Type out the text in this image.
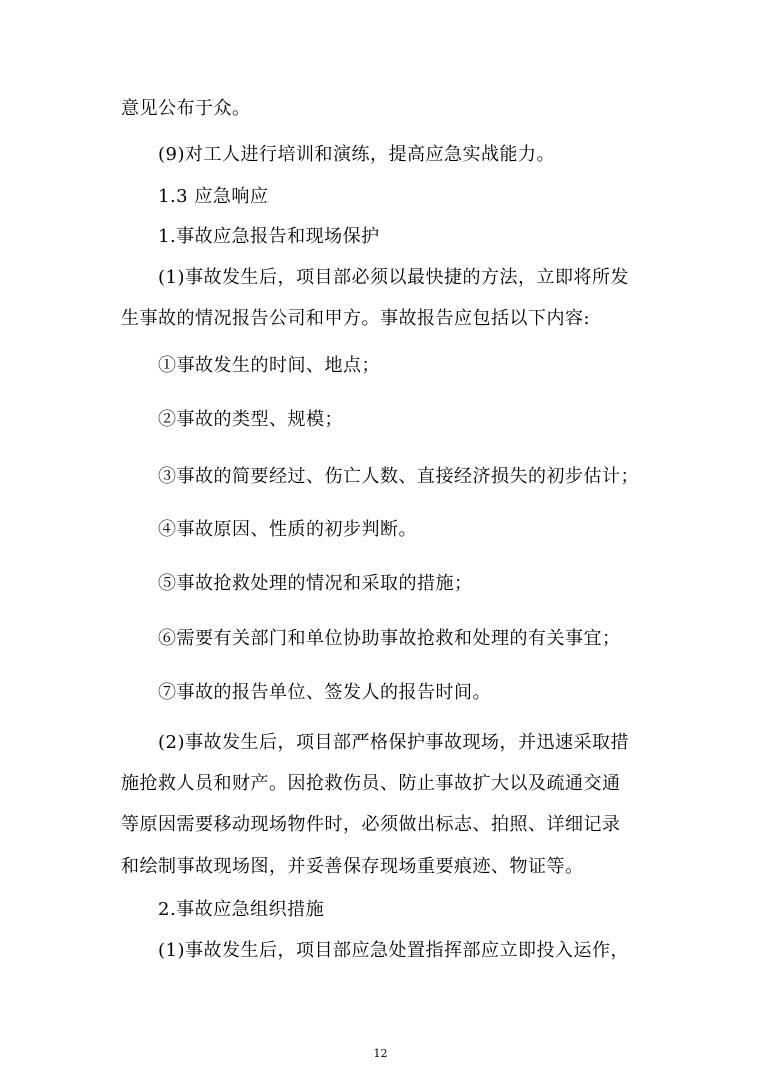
意见公布于众。
(9)对工人进行培训和演练，提高应急实战能力。
1.3 应急响应
1.事故应急报告和现场保护
(1)事故发生后，项目部必须以最快捷的方法，立即将所发
生事故的情况报告公司和甲方。事故报告应包括以下内容:
①事故发生的时间、地点；
②事故的类型、规模；
③事故的简要经过、伤亡人数、直接经济损失的初步估计；
④事故原因、性质的初步判断。
⑤事故抢救处理的情况和采取的措施；
⑥需要有关部门和单位协助事故抢救和处理的有关事宜；
⑦事故的报告单位、签发人的报告时间。
(2)事故发生后，项目部严格保护事故现场，并迅速采取措
施抢救人员和财产。因抢救伤员、防止事故扩大以及疏通交通
等原因需要移动现场物件时，必须做出标志、拍照、详细记录
和绘制事故现场图，并妥善保存现场重要痕迹、物证等。
2.事故应急组织措施
(1)事故发生后，项目部应急处置指挥部应立即投入运作，
12
